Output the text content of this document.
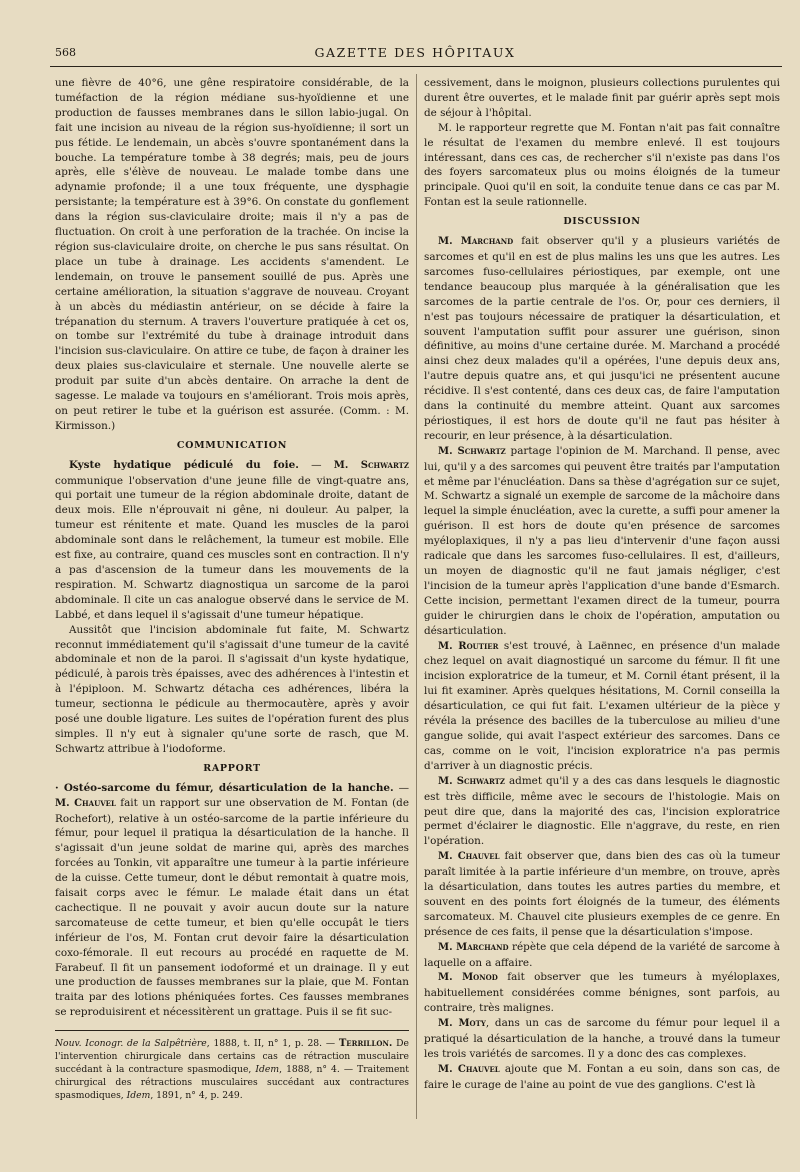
568	GAZETTE DES HÔPITAUX

une fièvre de 40°6, une gêne respiratoire considérable, de la tuméfaction de la région médiane sus-hyoïdienne et une production de fausses membranes dans le sillon labio-jugal. On fait une incision au niveau de la région sus-hyoïdienne; il sort un pus fétide. Le lendemain, un abcès s'ouvre spontanément dans la bouche. La température tombe à 38 degrés; mais, peu de jours après, elle s'élève de nouveau. Le malade tombe dans une adynamie profonde; il a une toux fréquente, une dysphagie persistante; la température est à 39°6. On constate du gonflement dans la région sus-claviculaire droite; mais il n'y a pas de fluctuation. On croit à une perforation de la trachée. On incise la région sus-claviculaire droite, on cherche le pus sans résultat. On place un tube à drainage. Les accidents s'amendent. Le lendemain, on trouve le pansement souillé de pus. Après une certaine amélioration, la situation s'aggrave de nouveau. Croyant à un abcès du médiastin antérieur, on se décide à faire la trépanation du sternum. A travers l'ouverture pratiquée à cet os, on tombe sur l'extrémité du tube à drainage introduit dans l'incision sus-claviculaire. On attire ce tube, de façon à drainer les deux plaies sus-claviculaire et sternale. Une nouvelle alerte se produit par suite d'un abcès dentaire. On arrache la dent de sagesse. Le malade va toujours en s'améliorant. Trois mois après, on peut retirer le tube et la guérison est assurée. (Comm. : M. Kirmisson.)

COMMUNICATION

Kyste hydatique pédiculé du foie. — M. Schwartz communique l'observation d'une jeune fille de vingt-quatre ans, qui portait une tumeur de la région abdominale droite, datant de deux mois. Elle n'éprouvait ni gêne, ni douleur. Au palper, la tumeur est rénitente et mate. Quand les muscles de la paroi abdominale sont dans le relâchement, la tumeur est mobile. Elle est fixe, au contraire, quand ces muscles sont en contraction. Il n'y a pas d'ascension de la tumeur dans les mouvements de la respiration. M. Schwartz diagnostiqua un sarcome de la paroi abdominale. Il cite un cas analogue observé dans le service de M. Labbé, et dans lequel il s'agissait d'une tumeur hépatique.

Aussitôt que l'incision abdominale fut faite, M. Schwartz reconnut immédiatement qu'il s'agissait d'une tumeur de la cavité abdominale et non de la paroi. Il s'agissait d'un kyste hydatique, pédiculé, à parois très épaisses, avec des adhérences à l'intestin et à l'épiploon. M. Schwartz détacha ces adhérences, libéra la tumeur, sectionna le pédicule au thermocautère, après y avoir posé une double ligature. Les suites de l'opération furent des plus simples. Il n'y eut à signaler qu'une sorte de rasch, que M. Schwartz attribue à l'iodoforme.

RAPPORT

· Ostéo-sarcome du fémur, désarticulation de la hanche. — M. Chauvel fait un rapport sur une observation de M. Fontan (de Rochefort), relative à un ostéo-sarcome de la partie inférieure du fémur, pour lequel il pratiqua la désarticulation de la hanche. Il s'agissait d'un jeune soldat de marine qui, après des marches forcées au Tonkin, vit apparaître une tumeur à la partie inférieure de la cuisse. Cette tumeur, dont le début remontait à quatre mois, faisait corps avec le fémur. Le malade était dans un état cachectique. Il ne pouvait y avoir aucun doute sur la nature sarcomateuse de cette tumeur, et bien qu'elle occupât le tiers inférieur de l'os, M. Fontan crut devoir faire la désarticulation coxo-fémorale. Il eut recours au procédé en raquette de M. Farabeuf. Il fit un pansement iodoformé et un drainage. Il y eut une production de fausses membranes sur la plaie, que M. Fontan traita par des lotions phéniquées fortes. Ces fausses membranes se reproduisirent et nécessitèrent un grattage. Puis il se fit suc-

Nouv. Iconogr. de la Salpêtrière, 1888, t. II, n° 1, p. 28. — Terrillon. De l'intervention chirurgicale dans certains cas de rétraction musculaire succédant à la contracture spasmodique, Idem, 1888, n° 4. — Traitement chirurgical des rétractions musculaires succédant aux contractures spasmodiques, Idem, 1891, n° 4, p. 249.

cessivement, dans le moignon, plusieurs collections purulentes qui durent être ouvertes, et le malade finit par guérir après sept mois de séjour à l'hôpital.

M. le rapporteur regrette que M. Fontan n'ait pas fait connaître le résultat de l'examen du membre enlevé. Il est toujours intéressant, dans ces cas, de rechercher s'il n'existe pas dans l'os des foyers sarcomateux plus ou moins éloignés de la tumeur principale. Quoi qu'il en soit, la conduite tenue dans ce cas par M. Fontan est la seule rationnelle.

DISCUSSION

M. Marchand fait observer qu'il y a plusieurs variétés de sarcomes et qu'il en est de plus malins les uns que les autres. Les sarcomes fuso-cellulaires périostiques, par exemple, ont une tendance beaucoup plus marquée à la généralisation que les sarcomes de la partie centrale de l'os. Or, pour ces derniers, il n'est pas toujours nécessaire de pratiquer la désarticulation, et souvent l'amputation suffit pour assurer une guérison, sinon définitive, au moins d'une certaine durée. M. Marchand a procédé ainsi chez deux malades qu'il a opérées, l'une depuis deux ans, l'autre depuis quatre ans, et qui jusqu'ici ne présentent aucune récidive. Il s'est contenté, dans ces deux cas, de faire l'amputation dans la continuité du membre atteint. Quant aux sarcomes périostiques, il est hors de doute qu'il ne faut pas hésiter à recourir, en leur présence, à la désarticulation.

M. Schwartz partage l'opinion de M. Marchand. Il pense, avec lui, qu'il y a des sarcomes qui peuvent être traités par l'amputation et même par l'énucléation. Dans sa thèse d'agrégation sur ce sujet, M. Schwartz a signalé un exemple de sarcome de la mâchoire dans lequel la simple énucléation, avec la curette, a suffi pour amener la guérison. Il est hors de doute qu'en présence de sarcomes myéloplaxiques, il n'y a pas lieu d'intervenir d'une façon aussi radicale que dans les sarcomes fuso-cellulaires. Il est, d'ailleurs, un moyen de diagnostic qu'il ne faut jamais négliger, c'est l'incision de la tumeur après l'application d'une bande d'Esmarch. Cette incision, permettant l'examen direct de la tumeur, pourra guider le chirurgien dans le choix de l'opération, amputation ou désarticulation.

M. Routier s'est trouvé, à Laënnec, en présence d'un malade chez lequel on avait diagnostiqué un sarcome du fémur. Il fit une incision exploratrice de la tumeur, et M. Cornil étant présent, il la lui fit examiner. Après quelques hésitations, M. Cornil conseilla la désarticulation, ce qui fut fait. L'examen ultérieur de la pièce y révéla la présence des bacilles de la tuberculose au milieu d'une gangue solide, qui avait l'aspect extérieur des sarcomes. Dans ce cas, comme on le voit, l'incision exploratrice n'a pas permis d'arriver à un diagnostic précis.

M. Schwartz admet qu'il y a des cas dans lesquels le diagnostic est très difficile, même avec le secours de l'histologie. Mais on peut dire que, dans la majorité des cas, l'incision exploratrice permet d'éclairer le diagnostic. Elle n'aggrave, du reste, en rien l'opération.

M. Chauvel fait observer que, dans bien des cas où la tumeur paraît limitée à la partie inférieure d'un membre, on trouve, après la désarticulation, dans toutes les autres parties du membre, et souvent en des points fort éloignés de la tumeur, des éléments sarcomateux. M. Chauvel cite plusieurs exemples de ce genre. En présence de ces faits, il pense que la désarticulation s'impose.

M. Marchand répète que cela dépend de la variété de sarcome à laquelle on a affaire.

M. Monod fait observer que les tumeurs à myéloplaxes, habituellement considérées comme bénignes, sont parfois, au contraire, très malignes.

M. Moty, dans un cas de sarcome du fémur pour lequel il a pratiqué la désarticulation de la hanche, a trouvé dans la tumeur les trois variétés de sarcomes. Il y a donc des cas complexes.

M. Chauvel ajoute que M. Fontan a eu soin, dans son cas, de faire le curage de l'aine au point de vue des ganglions. C'est là
